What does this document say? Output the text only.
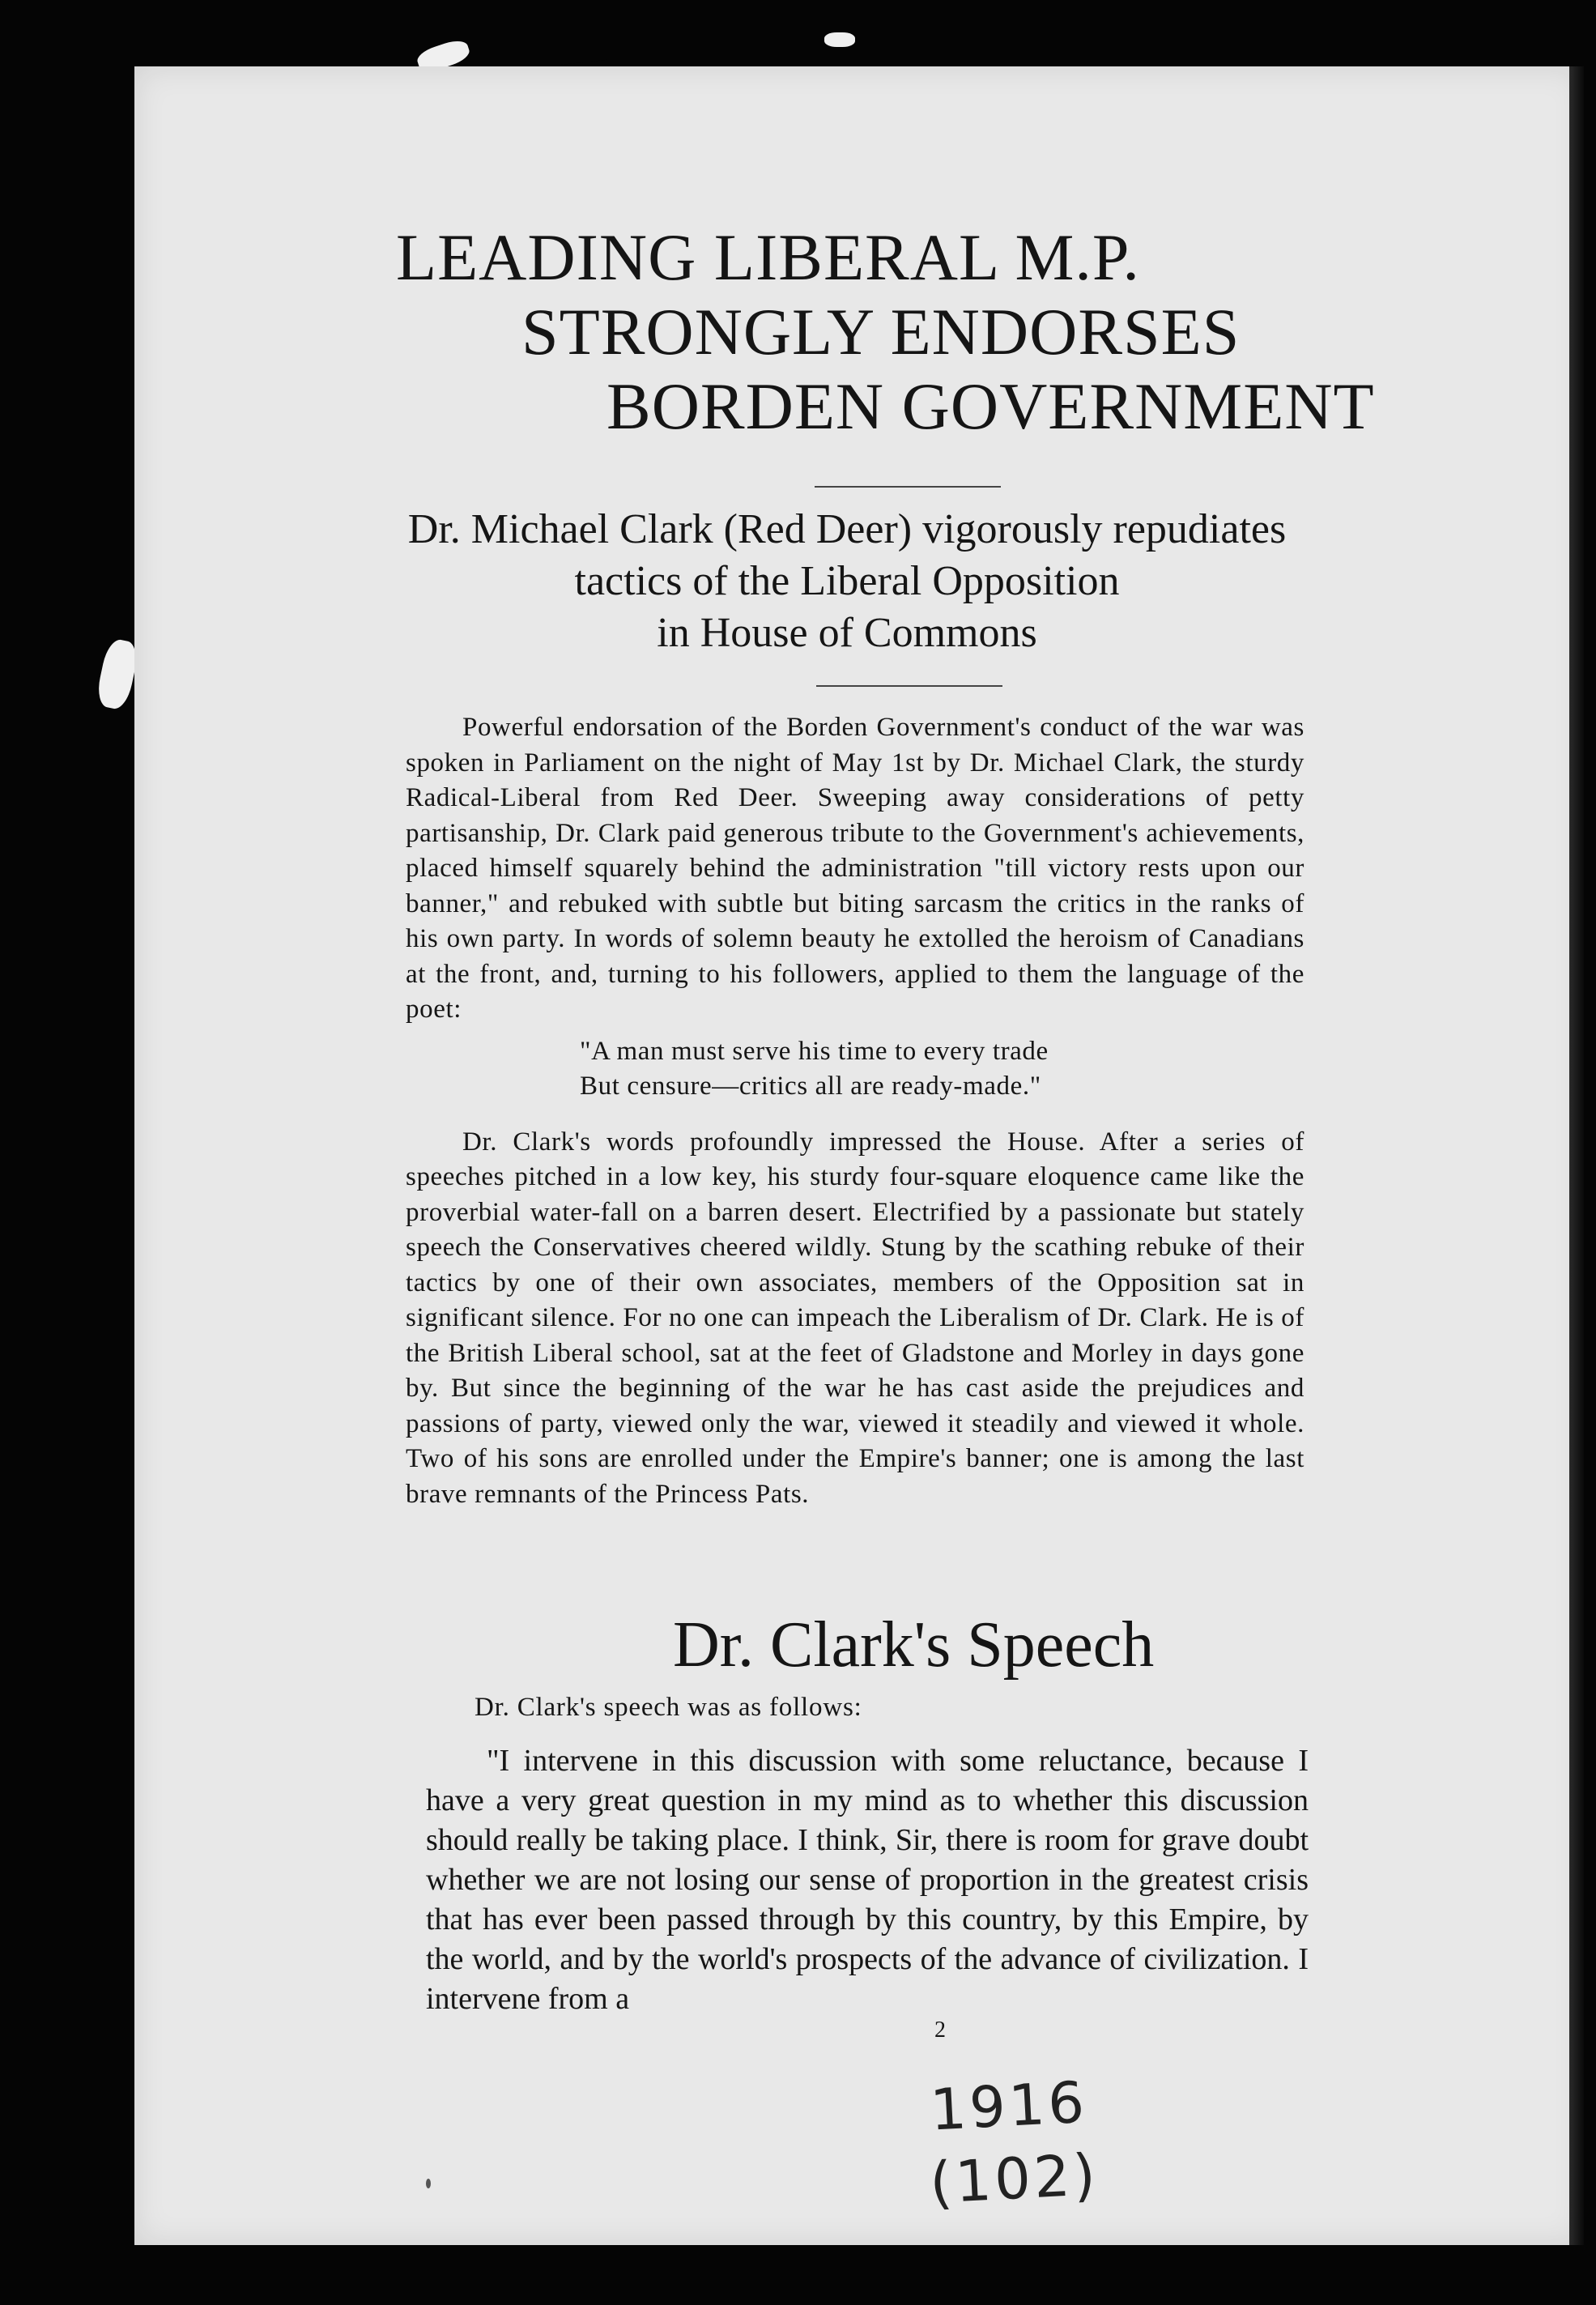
LEADING LIBERAL M.P.
STRONGLY ENDORSES
BORDEN GOVERNMENT
Dr. Michael Clark (Red Deer) vigorously repudiates
tactics of the Liberal Opposition
in House of Commons

Powerful endorsation of the Borden Government's conduct of the war was spoken in Parliament on the night of May 1st by Dr. Michael Clark, the sturdy Radical-Liberal from Red Deer. Sweeping away considerations of petty partisanship, Dr. Clark paid generous tribute to the Government's achievements, placed himself squarely behind the administration "till victory rests upon our banner," and rebuked with subtle but biting sarcasm the critics in the ranks of his own party. In words of solemn beauty he extolled the heroism of Canadians at the front, and, turning to his followers, applied to them the language of the poet:

"A man must serve his time to every trade
But censure—critics all are ready-made."

Dr. Clark's words profoundly impressed the House. After a series of speeches pitched in a low key, his sturdy four-square eloquence came like the proverbial water-fall on a barren desert. Electrified by a passionate but stately speech the Conservatives cheered wildly. Stung by the scathing rebuke of their tactics by one of their own associates, members of the Opposition sat in significant silence. For no one can impeach the Liberalism of Dr. Clark. He is of the British Liberal school, sat at the feet of Gladstone and Morley in days gone by. But since the beginning of the war he has cast aside the prejudices and passions of party, viewed only the war, viewed it steadily and viewed it whole. Two of his sons are enrolled under the Empire's banner; one is among the last brave remnants of the Princess Pats.

Dr. Clark's Speech

Dr. Clark's speech was as follows:

"I intervene in this discussion with some reluctance, because I have a very great question in my mind as to whether this discussion should really be taking place. I think, Sir, there is room for grave doubt whether we are not losing our sense of proportion in the greatest crisis that has ever been passed through by this country, by this Empire, by the world, and by the world's prospects of the advance of civilization. I intervene from a

2
1916
(102)
